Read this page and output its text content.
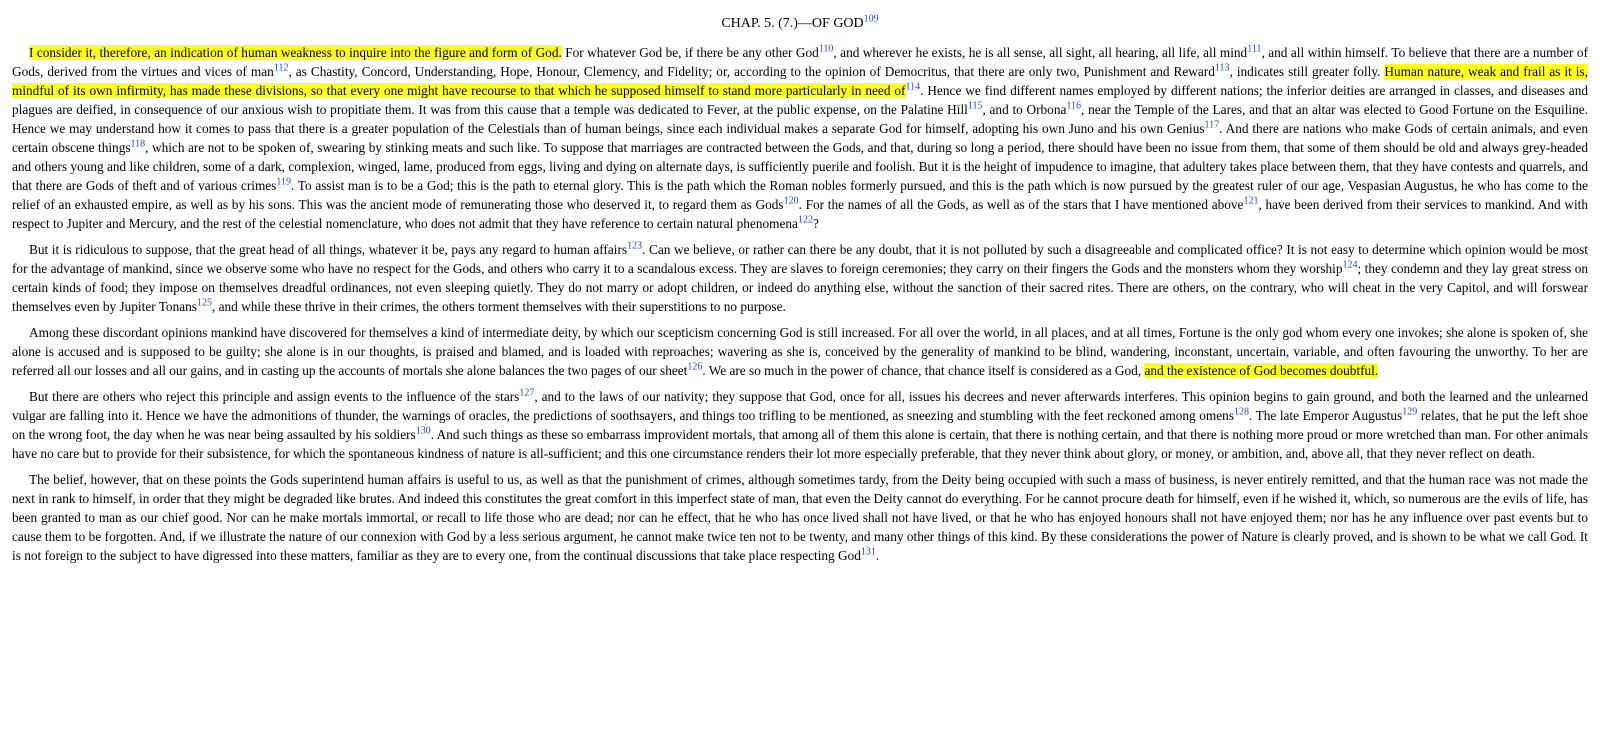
CHAP. 5. (7.)—OF GOD$^{109}$

I consider it, therefore, an indication of human weakness to inquire into the figure and form of God. For whatever God be, if there be any other God$^{110}$, and wherever he exists, he is all sense, all sight, all hearing, all life, all mind$^{111}$, and all within himself. To believe that there are a number of Gods, derived from the virtues and vices of man$^{112}$, as Chastity, Concord, Understanding, Hope, Honour, Clemency, and Fidelity; or, according to the opinion of Democritus, that there are only two, Punishment and Reward$^{113}$, indicates still greater folly. Human nature, weak and frail as it is, mindful of its own infirmity, has made these divisions, so that every one might have recourse to that which he supposed himself to stand more particularly in need of$^{114}$. Hence we find different names employed by different nations; the inferior deities are arranged in classes, and diseases and plagues are deified, in consequence of our anxious wish to propitiate them. It was from this cause that a temple was dedicated to Fever, at the public expense, on the Palatine Hill$^{115}$, and to Orbona$^{116}$, near the Temple of the Lares, and that an altar was elected to Good Fortune on the Esquiline. Hence we may understand how it comes to pass that there is a greater population of the Celestials than of human beings, since each individual makes a separate God for himself, adopting his own Juno and his own Genius$^{117}$. And there are nations who make Gods of certain animals, and even certain obscene things$^{118}$, which are not to be spoken of, swearing by stinking meats and such like. To suppose that marriages are contracted between the Gods, and that, during so long a period, there should have been no issue from them, that some of them should be old and always grey-headed and others young and like children, some of a dark, complexion, winged, lame, produced from eggs, living and dying on alternate days, is sufficiently puerile and foolish. But it is the height of impudence to imagine, that adultery takes place between them, that they have contests and quarrels, and that there are Gods of theft and of various crimes$^{119}$. To assist man is to be a God; this is the path to eternal glory. This is the path which the Roman nobles formerly pursued, and this is the path which is now pursued by the greatest ruler of our age, Vespasian Augustus, he who has come to the relief of an exhausted empire, as well as by his sons. This was the ancient mode of remunerating those who deserved it, to regard them as Gods$^{120}$. For the names of all the Gods, as well as of the stars that I have mentioned above$^{121}$, have been derived from their services to mankind. And with respect to Jupiter and Mercury, and the rest of the celestial nomenclature, who does not admit that they have reference to certain natural phenomena$^{122}$?

But it is ridiculous to suppose, that the great head of all things, whatever it be, pays any regard to human affairs$^{123}$. Can we believe, or rather can there be any doubt, that it is not polluted by such a disagreeable and complicated office? It is not easy to determine which opinion would be most for the advantage of mankind, since we observe some who have no respect for the Gods, and others who carry it to a scandalous excess. They are slaves to foreign ceremonies; they carry on their fingers the Gods and the monsters whom they worship$^{124}$; they condemn and they lay great stress on certain kinds of food; they impose on themselves dreadful ordinances, not even sleeping quietly. They do not marry or adopt children, or indeed do anything else, without the sanction of their sacred rites. There are others, on the contrary, who will cheat in the very Capitol, and will forswear themselves even by Jupiter Tonans$^{125}$, and while these thrive in their crimes, the others torment themselves with their superstitions to no purpose.

Among these discordant opinions mankind have discovered for themselves a kind of intermediate deity, by which our scepticism concerning God is still increased. For all over the world, in all places, and at all times, Fortune is the only god whom every one invokes; she alone is spoken of, she alone is accused and is supposed to be guilty; she alone is in our thoughts, is praised and blamed, and is loaded with reproaches; wavering as she is, conceived by the generality of mankind to be blind, wandering, inconstant, uncertain, variable, and often favouring the unworthy. To her are referred all our losses and all our gains, and in casting up the accounts of mortals she alone balances the two pages of our sheet$^{126}$. We are so much in the power of chance, that chance itself is considered as a God, and the existence of God becomes doubtful.

But there are others who reject this principle and assign events to the influence of the stars$^{127}$, and to the laws of our nativity; they suppose that God, once for all, issues his decrees and never afterwards interferes. This opinion begins to gain ground, and both the learned and the unlearned vulgar are falling into it. Hence we have the admonitions of thunder, the warnings of oracles, the predictions of soothsayers, and things too trifling to be mentioned, as sneezing and stumbling with the feet reckoned among omens$^{128}$. The late Emperor Augustus$^{129}$ relates, that he put the left shoe on the wrong foot, the day when he was near being assaulted by his soldiers$^{130}$. And such things as these so embarrass improvident mortals, that among all of them this alone is certain, that there is nothing certain, and that there is nothing more proud or more wretched than man. For other animals have no care but to provide for their subsistence, for which the spontaneous kindness of nature is all-sufficient; and this one circumstance renders their lot more especially preferable, that they never think about glory, or money, or ambition, and, above all, that they never reflect on death.

The belief, however, that on these points the Gods superintend human affairs is useful to us, as well as that the punishment of crimes, although sometimes tardy, from the Deity being occupied with such a mass of business, is never entirely remitted, and that the human race was not made the next in rank to himself, in order that they might be degraded like brutes. And indeed this constitutes the great comfort in this imperfect state of man, that even the Deity cannot do everything. For he cannot procure death for himself, even if he wished it, which, so numerous are the evils of life, has been granted to man as our chief good. Nor can he make mortals immortal, or recall to life those who are dead; nor can he effect, that he who has once lived shall not have lived, or that he who has enjoyed honours shall not have enjoyed them; nor has he any influence over past events but to cause them to be forgotten. And, if we illustrate the nature of our connexion with God by a less serious argument, he cannot make twice ten not to be twenty, and many other things of this kind. By these considerations the power of Nature is clearly proved, and is shown to be what we call God. It is not foreign to the subject to have digressed into these matters, familiar as they are to every one, from the continual discussions that take place respecting God$^{131}$.
